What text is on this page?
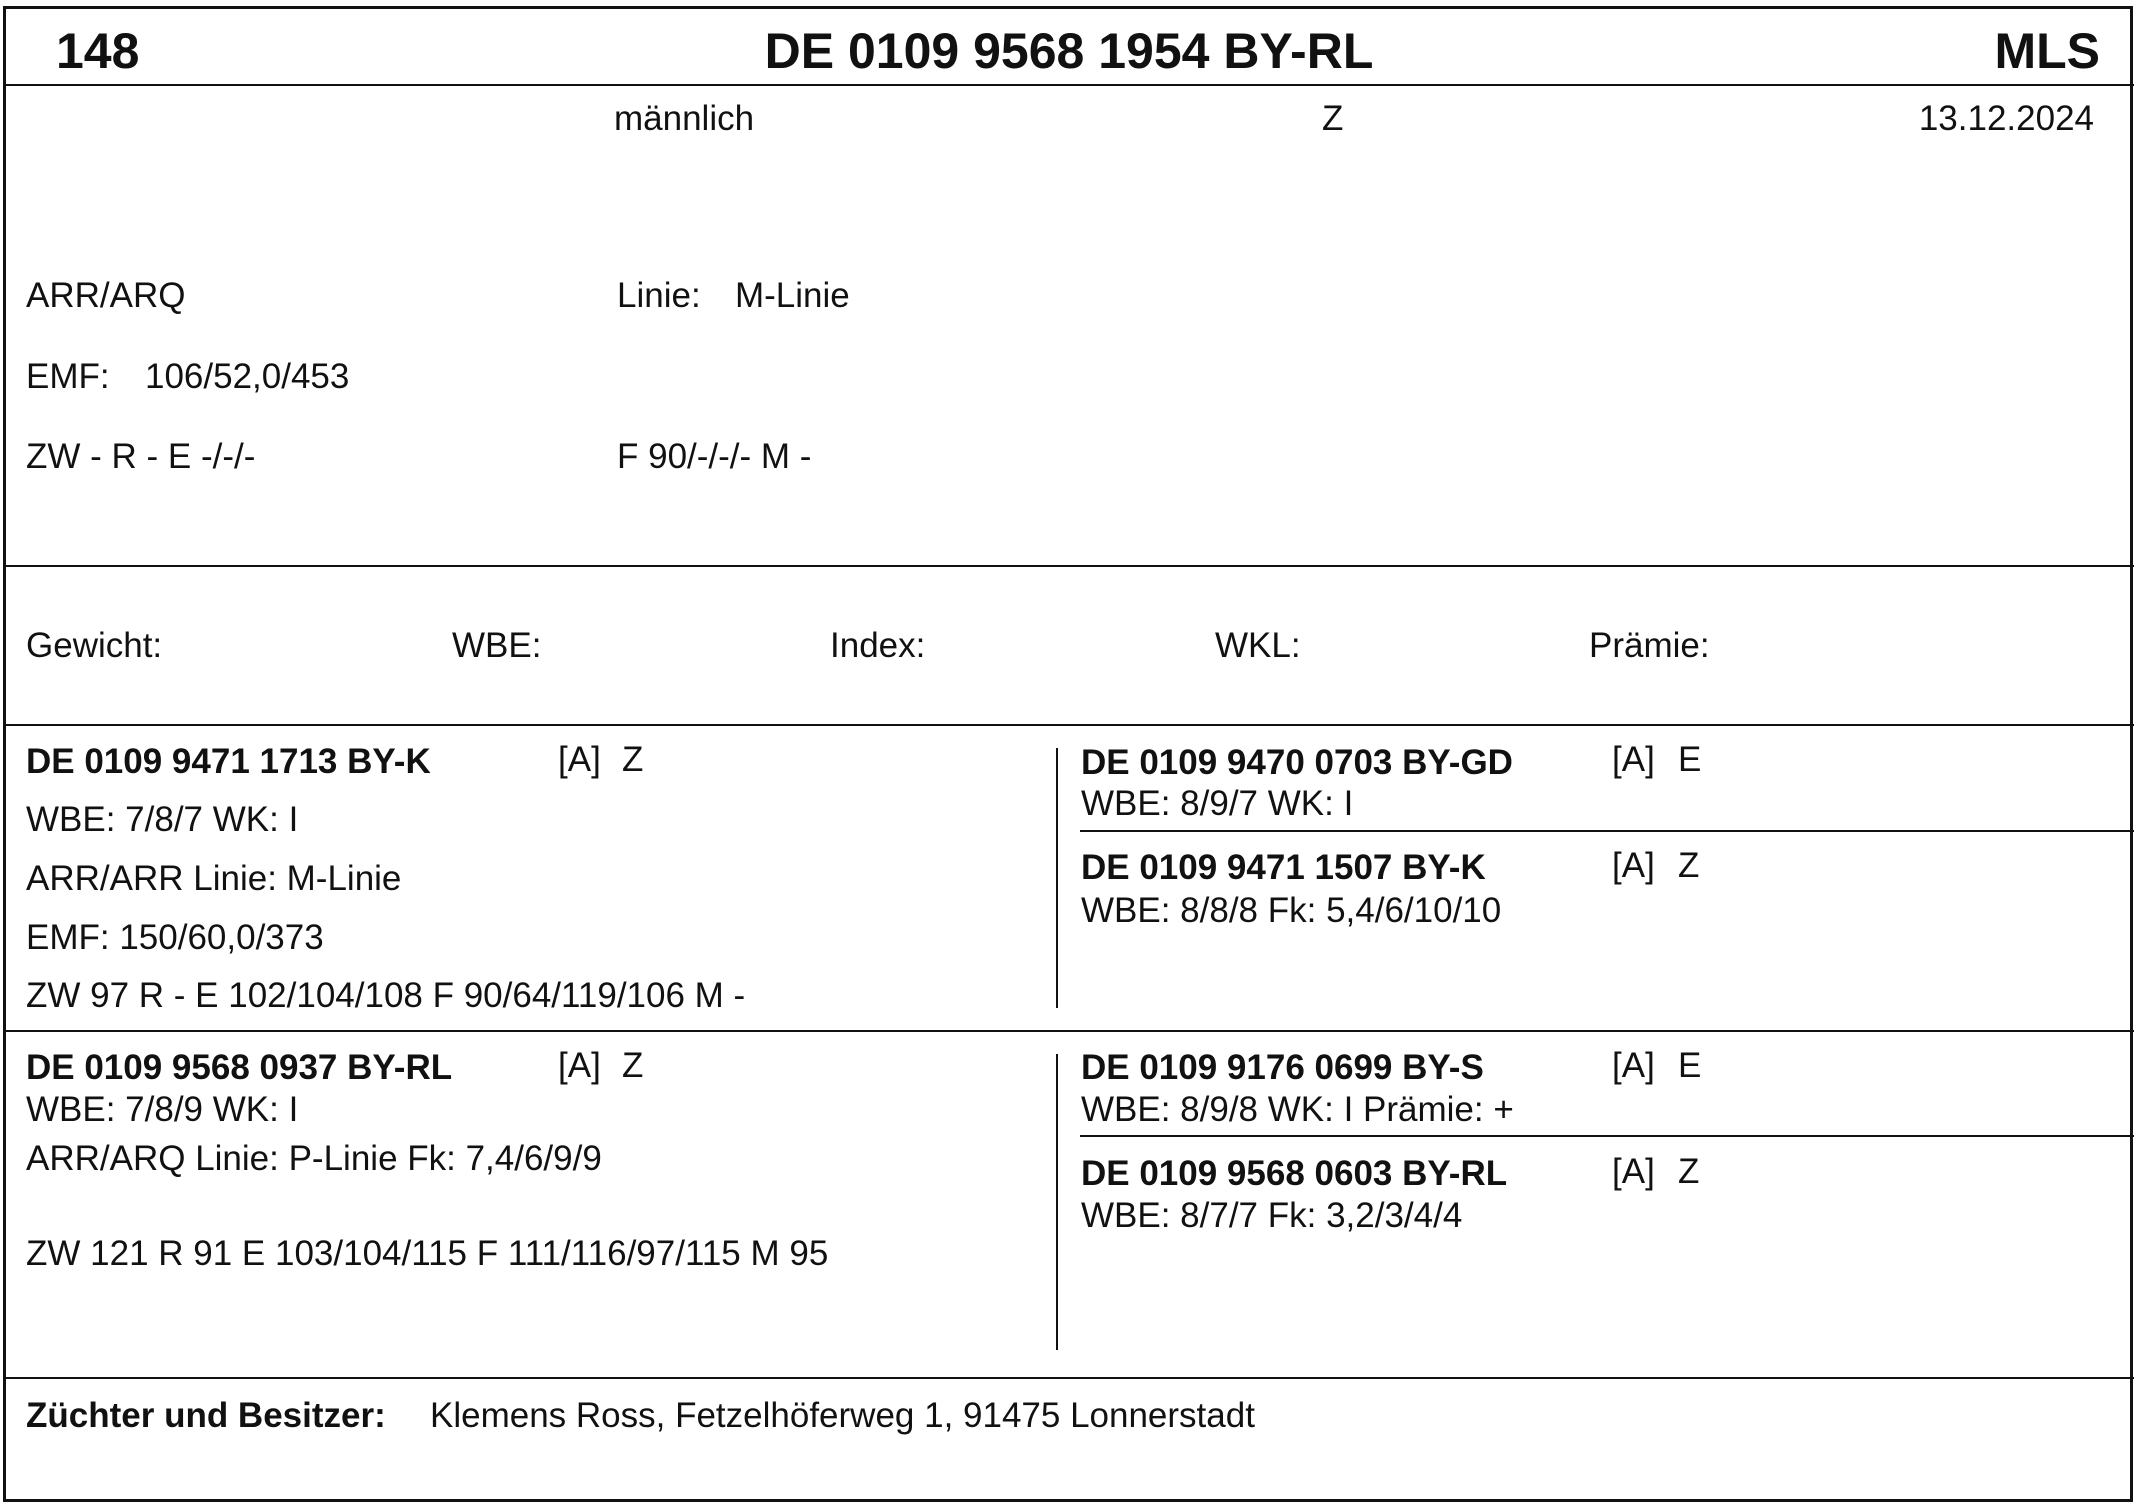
148	DE 0109 9568 1954 BY-RL	MLS
männlich	Z	13.12.2024
ARR/ARQ	Linie: M-Linie
EMF: 106/52,0/453
ZW - R - E -/-/-	F 90/-/-/- M -
Gewicht:	WBE:	Index:	WKL:	Prämie:
DE 0109 9471 1713 BY-K	[A] Z
WBE: 7/8/7 WK: I
ARR/ARR Linie: M-Linie
EMF: 150/60,0/373
ZW 97 R - E 102/104/108 F 90/64/119/106 M -
DE 0109 9470 0703 BY-GD	[A] E
WBE: 8/9/7 WK: I
DE 0109 9471 1507 BY-K	[A] Z
WBE: 8/8/8 Fk: 5,4/6/10/10
DE 0109 9568 0937 BY-RL	[A] Z
WBE: 7/8/9 WK: I
ARR/ARQ Linie: P-Linie Fk: 7,4/6/9/9
ZW 121 R 91 E 103/104/115 F 111/116/97/115 M 95
DE 0109 9176 0699 BY-S	[A] E
WBE: 8/9/8 WK: I Prämie: +
DE 0109 9568 0603 BY-RL	[A] Z
WBE: 8/7/7 Fk: 3,2/3/4/4
Züchter und Besitzer: Klemens Ross, Fetzelhöferweg 1, 91475 Lonnerstadt
